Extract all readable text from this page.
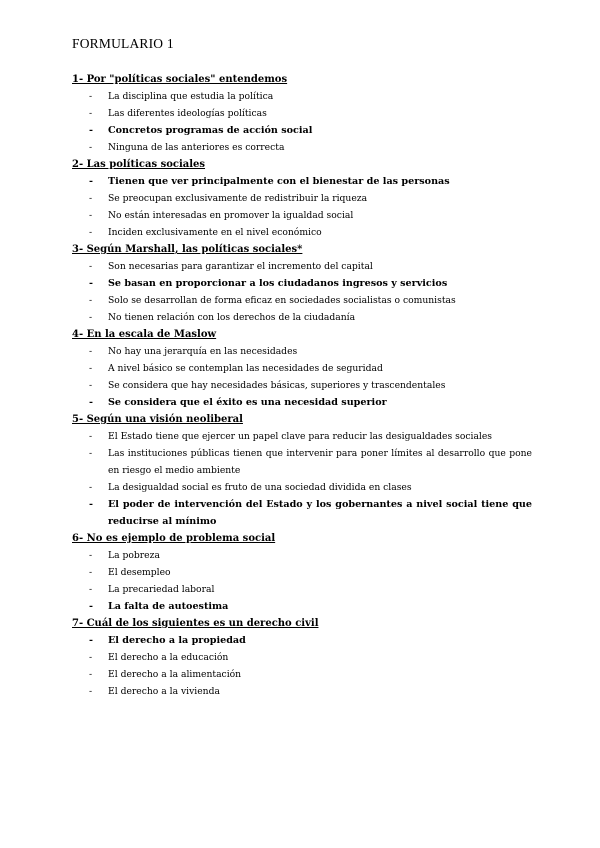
FORMULARIO 1
1- Por "políticas sociales" entendemos
- La disciplina que estudia la política
- Las diferentes ideologías políticas
- Concretos programas de acción social
- Ninguna de las anteriores es correcta
2- Las políticas sociales
- Tienen que ver principalmente con el bienestar de las personas
- Se preocupan exclusivamente de redistribuir la riqueza
- No están interesadas en promover la igualdad social
- Inciden exclusivamente en el nivel económico
3- Según Marshall, las políticas sociales*
- Son necesarias para garantizar el incremento del capital
- Se basan en proporcionar a los ciudadanos ingresos y servicios
- Solo se desarrollan de forma eficaz en sociedades socialistas o comunistas
- No tienen relación con los derechos de la ciudadanía
4- En la escala de Maslow
- No hay una jerarquía en las necesidades
- A nivel básico se contemplan las necesidades de seguridad
- Se considera que hay necesidades básicas, superiores y trascendentales
- Se considera que el éxito es una necesidad superior
5- Según una visión neoliberal
- El Estado tiene que ejercer un papel clave para reducir las desigualdades sociales
- Las instituciones públicas tienen que intervenir para poner límites al desarrollo que pone en riesgo el medio ambiente
- La desigualdad social es fruto de una sociedad dividida en clases
- El poder de intervención del Estado y los gobernantes a nivel social tiene que reducirse al mínimo
6- No es ejemplo de problema social
- La pobreza
- El desempleo
- La precariedad laboral
- La falta de autoestima
7- Cuál de los siguientes es un derecho civil
- El derecho a la propiedad
- El derecho a la educación
- El derecho a la alimentación
- El derecho a la vivienda
